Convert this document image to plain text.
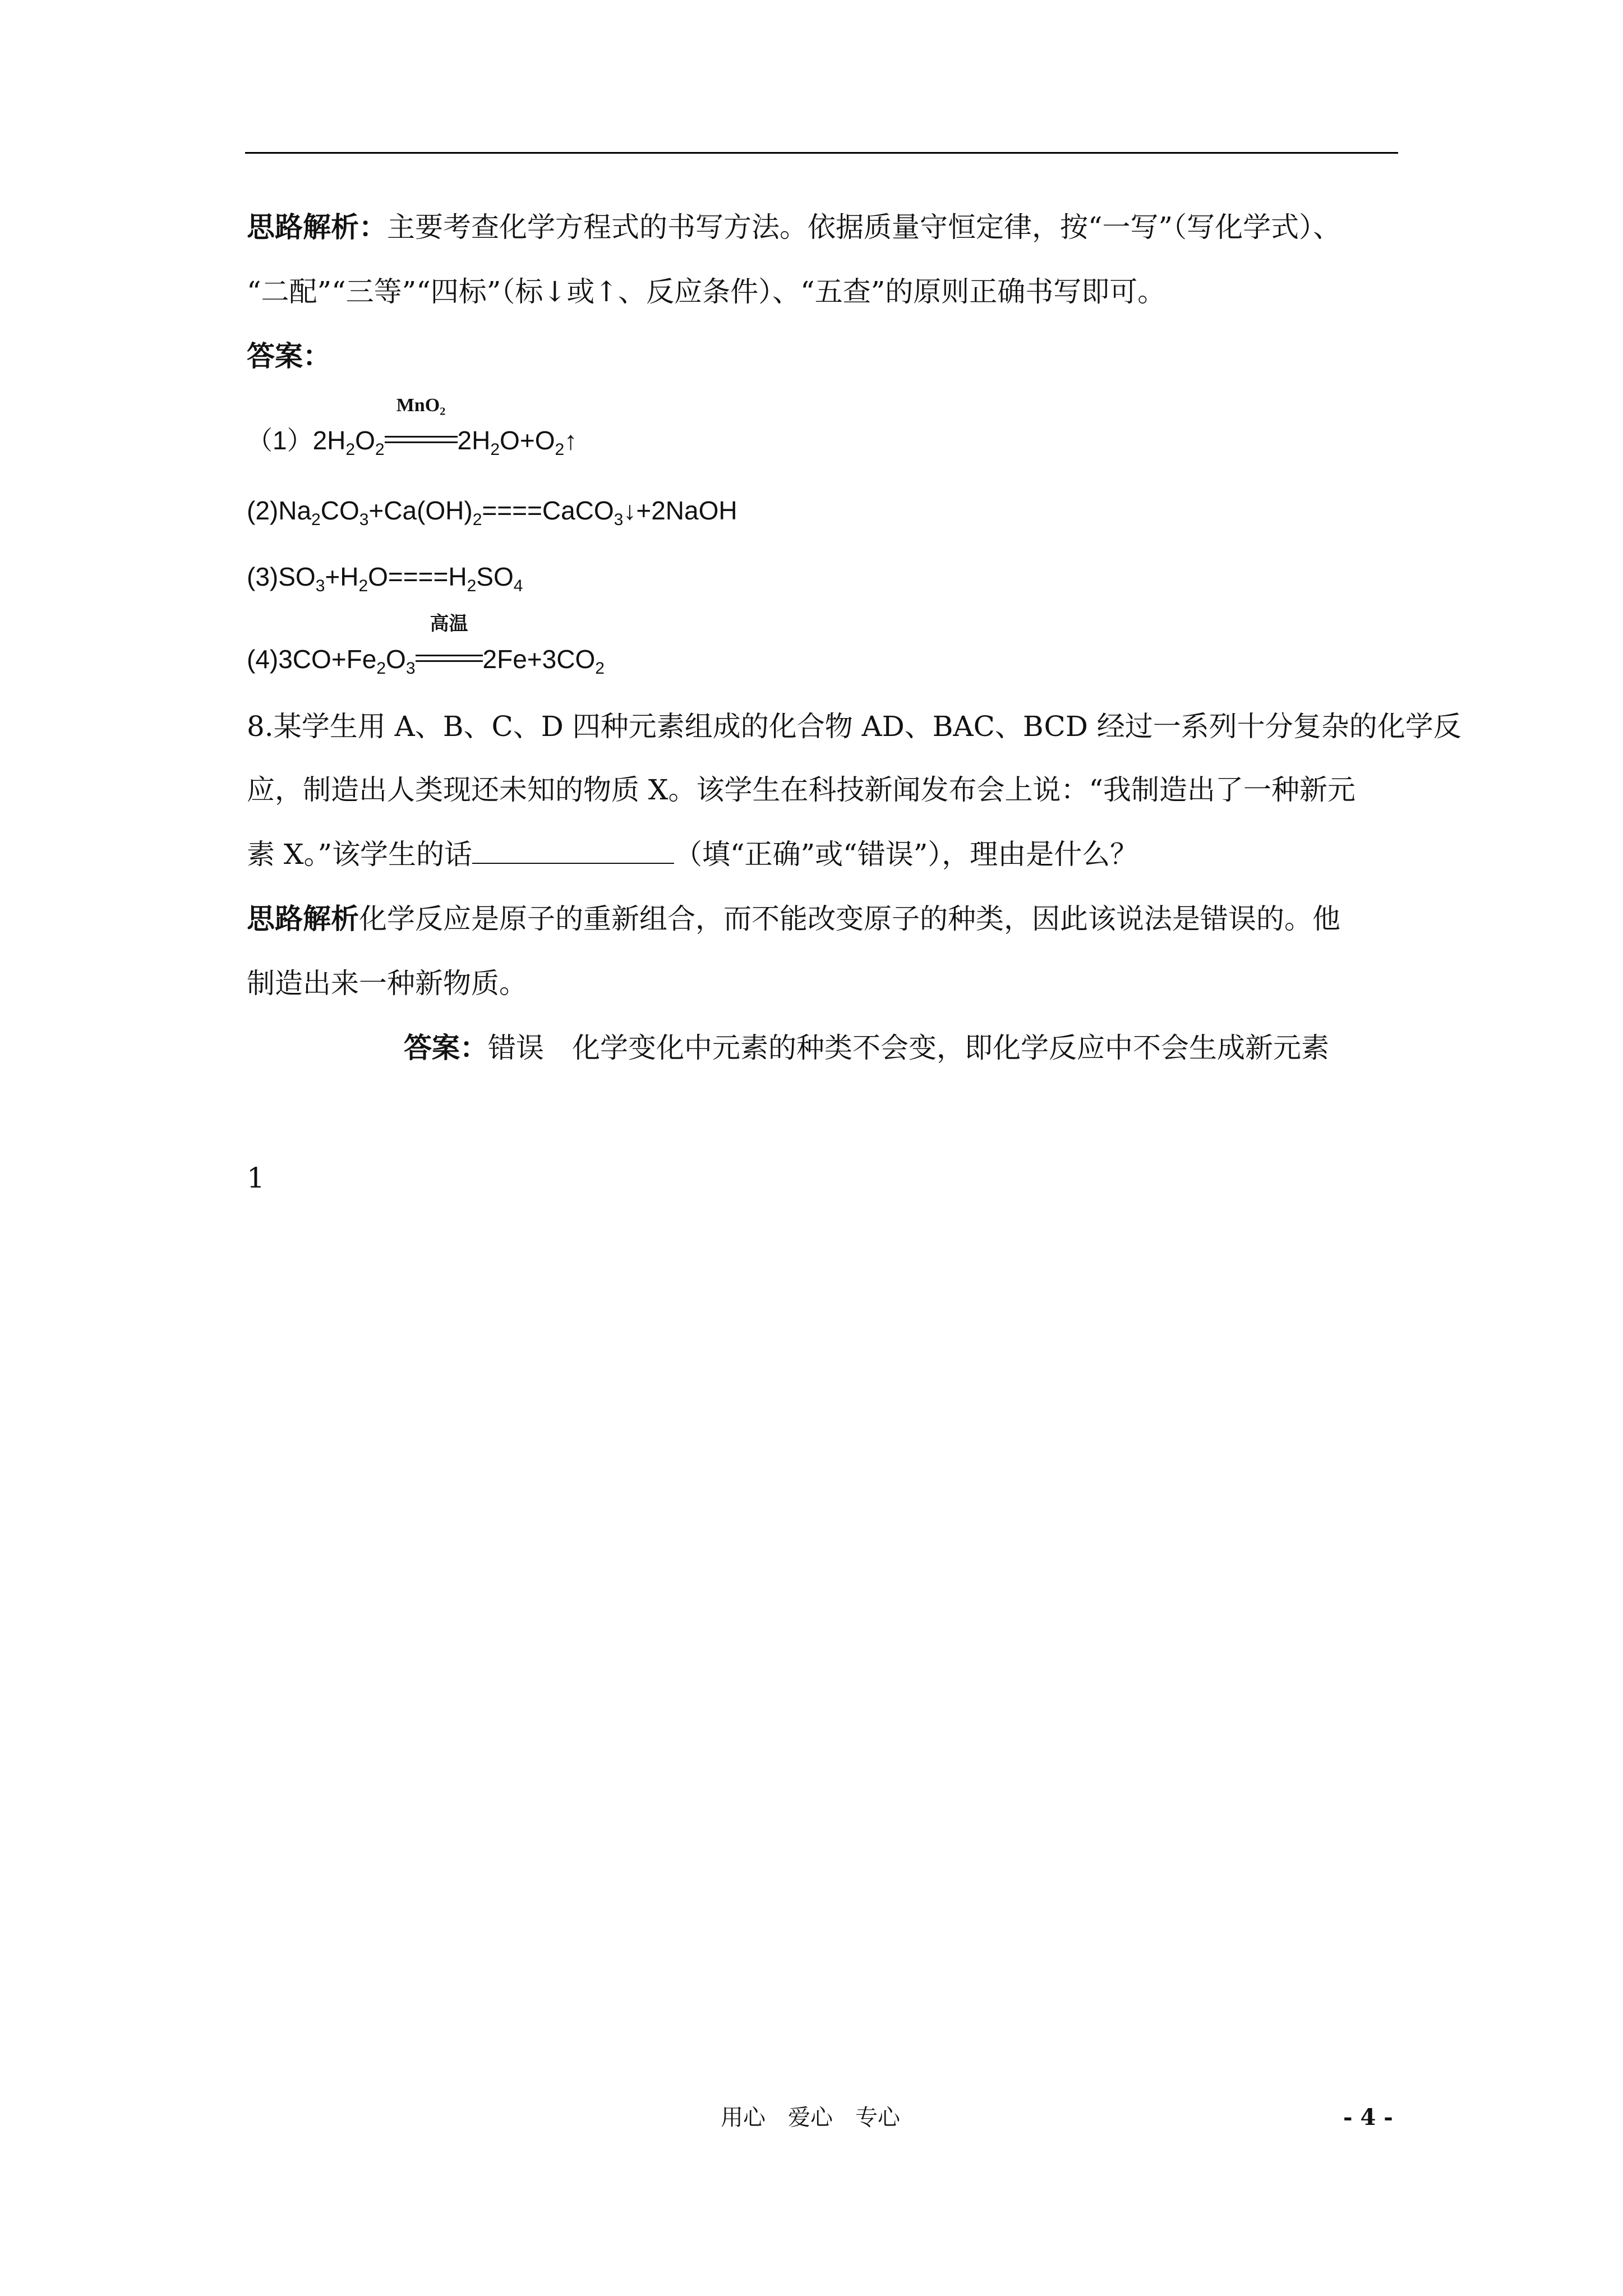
思路解析：主要考查化学方程式的书写方法。依据质量守恒定律，按“一写”（写化学式）、
“二配”“三等”“四标”（标↓或↑、反应条件）、“五查”的原则正确书写即可。
答案：
$(1)2H_2O_2$
MnO₂
$2H_2O+O_2↑$
$(2)Na_2CO_3+Ca(OH)_2====CaCO_3↓+2NaOH$
$(3)SO_3+H_2O====H_2SO_4$
$(4)3CO+Fe_2O_3$
高温
$2Fe+3CO_2$
8.某学生用 A、B、C、D 四种元素组成的化合物 AD、BAC、BCD 经过一系列十分复杂的化学反
应，制造出人类现还未知的物质 X。该学生在科技新闻发布会上说：“我制造出了一种新元
素 X。”该学生的话	（填“正确”或“错误”），理由是什么？
思路解析化学反应是原子的重新组合，而不能改变原子的种类，因此该说法是错误的。他
制造出来一种新物质。
答案：错误　化学变化中元素的种类不会变，即化学反应中不会生成新元素
1
用心　爱心　专心	- 4 -
